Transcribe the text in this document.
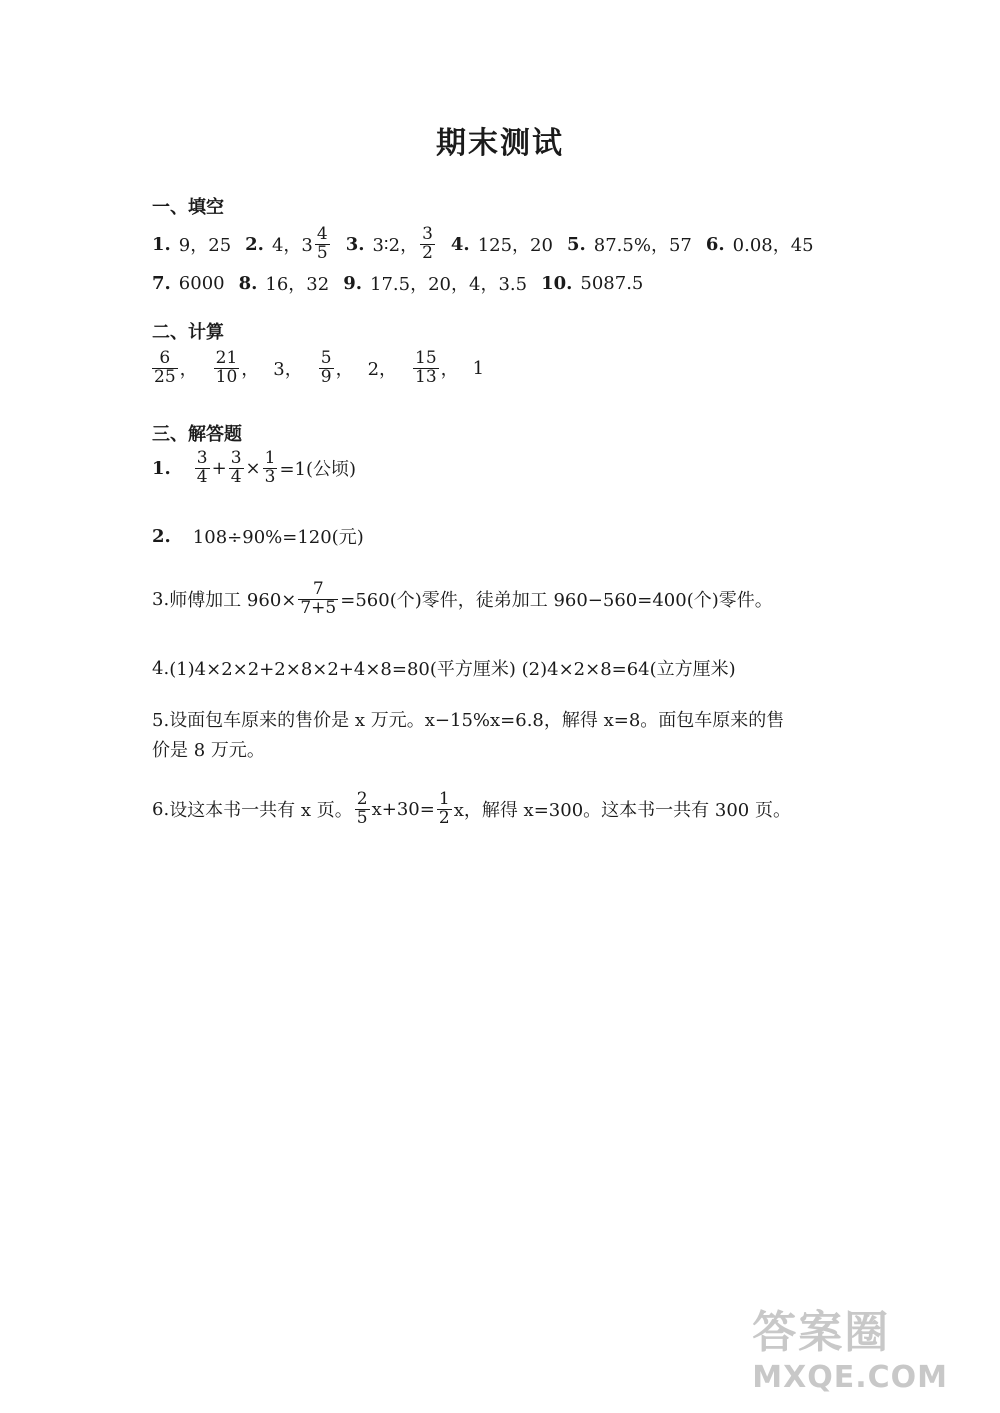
期末测试
一、填空
1. 9，25 2. 4，$3 \frac{4}{5} 3$. 3∶2， $\frac{3}{2} 4$. 125，20 5. 87.5%，57 6. 0.08，45
7. 6000 8. 16，32 9. 17.5，20，4，3.5 10. 5087.5
二、计算
$\frac{6}{25}$ ， $\frac{21}{10}$ ， 3， $\frac{5}{9}$ ， 2， $\frac{15}{13}$ ， 1
三、解答题
1. $\frac{3}{4} + \frac{3}{4} \times \frac{1}{3} =1$(公顷)
2. 108÷90%=120(元)
3. 师傅加工 $960\times \frac{7}{7+5} =560$(个)零件，徒弟加工 960−560=400(个)零件。
4. (1)4×2×2+2×8×2+4×8=80(平方厘米) (2)4×2×8=64(立方厘米)
5.设面包车原来的售价是 x 万元。x−15%x=6.8，解得 x=8。面包车原来的售
价是 8 万元。
6. 设这本书一共有 x 页。 $\frac{2}{5} x+30= \frac{1}{2}$ x，解得 x=300。这本书一共有 300 页。
答案圈
MXQE.COM
